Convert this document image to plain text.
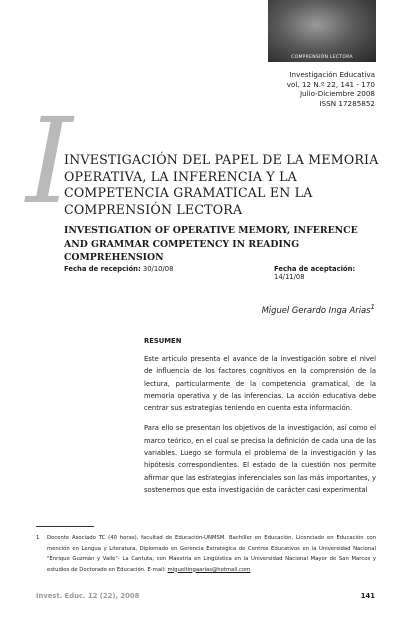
COMPRENSIÓN LECTORA
Investigación Educativa
vol. 12 N.º 22, 141 - 170
Julio-Diciembre 2008
ISSN 17285852
I
INVESTIGACIÓN DEL PAPEL DE LA MEMORIA OPERATIVA, LA INFERENCIA Y LA COMPETENCIA GRAMATICAL EN LA COMPRENSIÓN LECTORA
INVESTIGATION OF OPERATIVE MEMORY, INFERENCE AND GRAMMAR COMPETENCY IN READING COMPREHENSION
Fecha de recepción: 30/10/08	Fecha de aceptación: 14/11/08
Miguel Gerardo Inga Arias$^1$
RESUMEN

Este artículo presenta el avance de la investigación sobre el nivel de influencia de los factores cognitivos en la comprensión de la lectura, particularmente de la competencia gramatical, de la memoria operativa y de las inferencias. La acción educativa debe centrar sus estrategias teniendo en cuenta esta información.

Para ello se presentan los objetivos de la investigación, así como el marco teórico, en el cual se precisa la definición de cada una de las variables. Luego se formula el problema de la investigación y las hipótesis correspondientes. El estado de la cuestión nos permite afirmar que las estrategias inferenciales son las más importantes, y sostenemos que esta investigación de carácter casi experimental

1 Docente Asociado TC (40 horas), facultad de Educación-UNMSM. Bachiller en Educación, Licenciado en Educación con mención en Lengua y Literatura, Diplomado en Gerencia Estratégica de Centros Educativos en la Universidad Nacional "Enrique Guzmán y Valle"- La Cantuta, con Maestría en Lingüística en la Universidad Nacional Mayor de San Marcos y estudios de Doctorado en Educación. E-mail: migueltingaarias@hotmail.com
Invest. Educ. 12 (22), 2008	141
